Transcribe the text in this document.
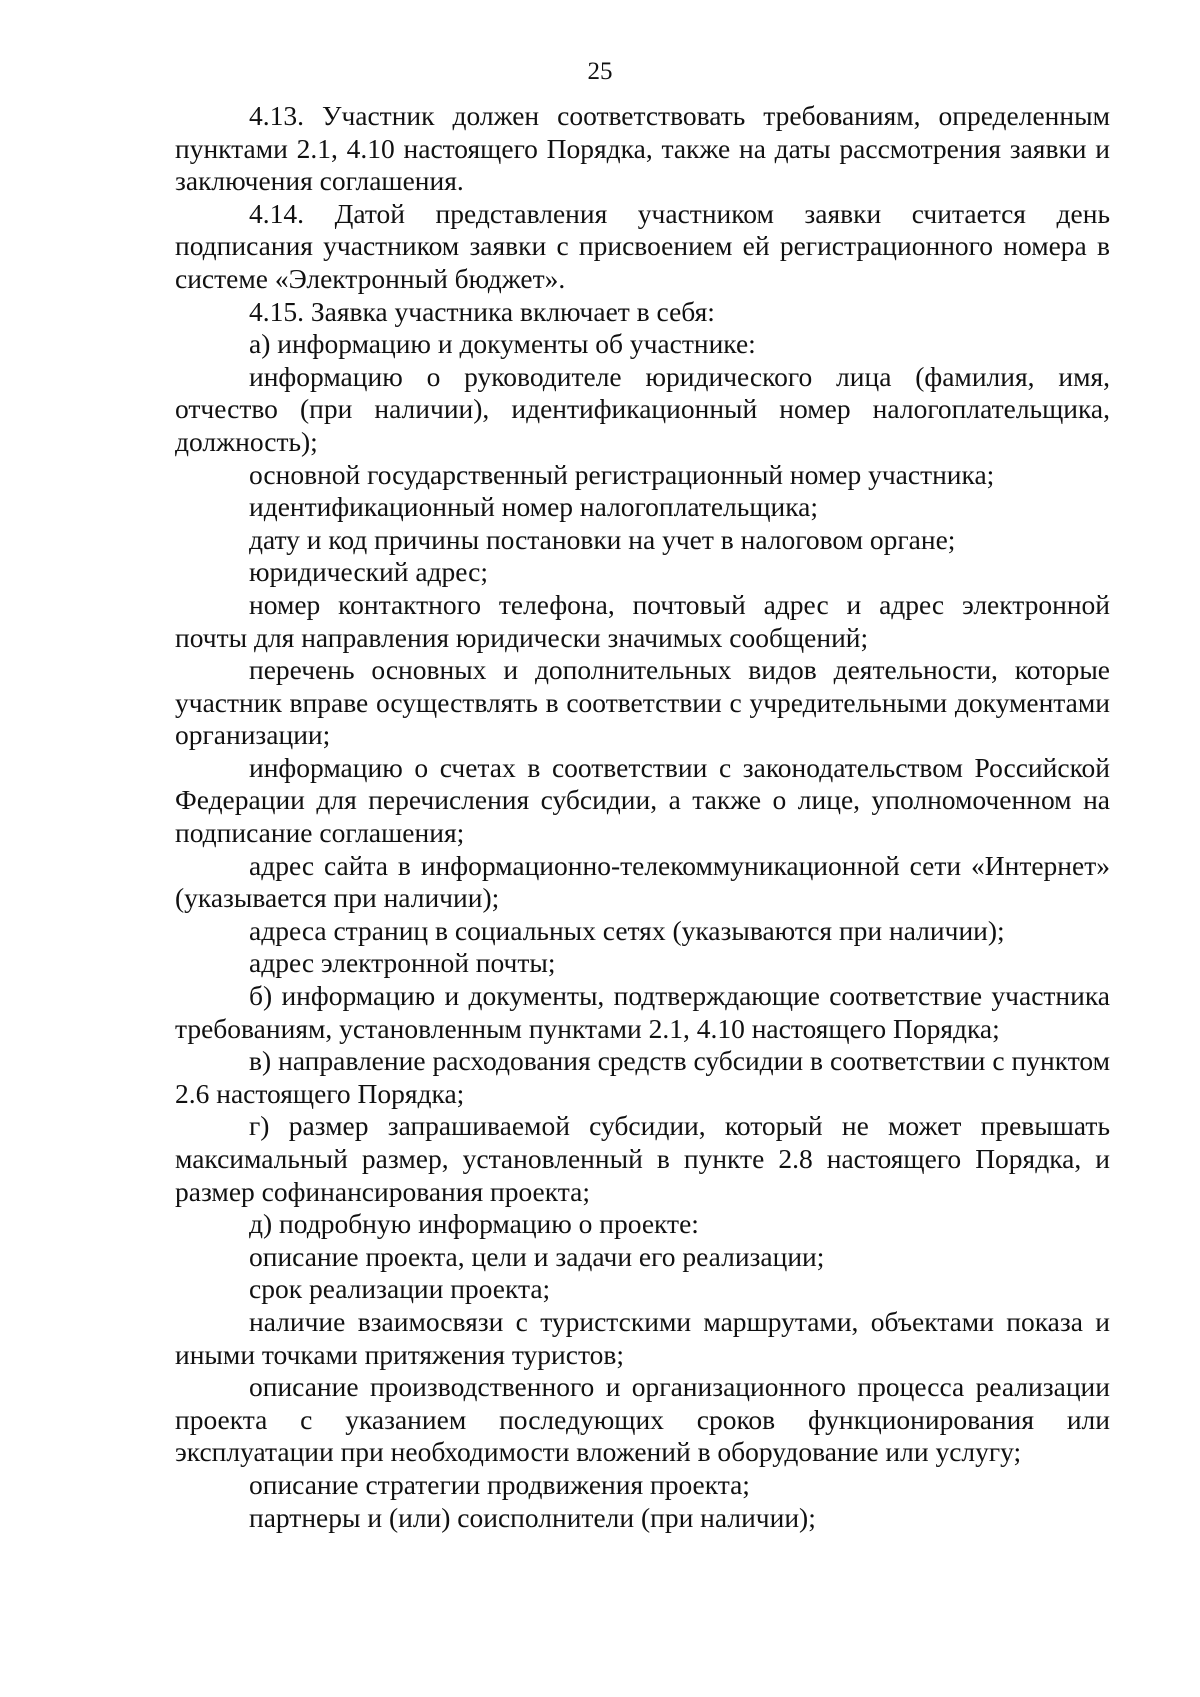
25

4.13. Участник должен соответствовать требованиям, определенным пунктами 2.1, 4.10 настоящего Порядка, также на даты рассмотрения заявки и заключения соглашения.

4.14. Датой представления участником заявки считается день подписания участником заявки с присвоением ей регистрационного номера в системе «Электронный бюджет».

4.15. Заявка участника включает в себя:

а) информацию и документы об участнике:

информацию о руководителе юридического лица (фамилия, имя, отчество (при наличии), идентификационный номер налогоплательщика, должность);

основной государственный регистрационный номер участника;

идентификационный номер налогоплательщика;

дату и код причины постановки на учет в налоговом органе;

юридический адрес;

номер контактного телефона, почтовый адрес и адрес электронной почты для направления юридически значимых сообщений;

перечень основных и дополнительных видов деятельности, которые участник вправе осуществлять в соответствии с учредительными документами организации;

информацию о счетах в соответствии с законодательством Российской Федерации для перечисления субсидии, а также о лице, уполномоченном на подписание соглашения;

адрес сайта в информационно-телекоммуникационной сети «Интернет» (указывается при наличии);

адреса страниц в социальных сетях (указываются при наличии);

адрес электронной почты;

б) информацию и документы, подтверждающие соответствие участника требованиям, установленным пунктами 2.1, 4.10 настоящего Порядка;

в) направление расходования средств субсидии в соответствии с пунктом 2.6 настоящего Порядка;

г) размер запрашиваемой субсидии, который не может превышать максимальный размер, установленный в пункте 2.8 настоящего Порядка, и размер софинансирования проекта;

д) подробную информацию о проекте:

описание проекта, цели и задачи его реализации;

срок реализации проекта;

наличие взаимосвязи с туристскими маршрутами, объектами показа и иными точками притяжения туристов;

описание производственного и организационного процесса реализации проекта с указанием последующих сроков функционирования или эксплуатации при необходимости вложений в оборудование или услугу;

описание стратегии продвижения проекта;

партнеры и (или) соисполнители (при наличии);
